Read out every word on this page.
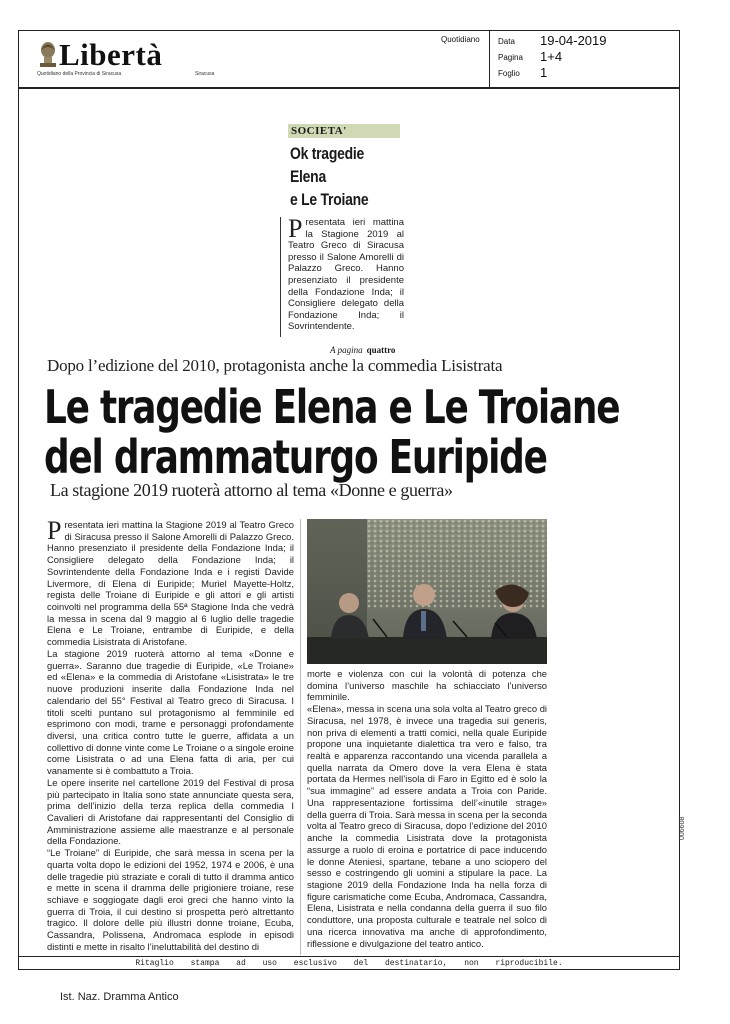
Libertà
Quotidiano della Provincia di Siracusa	Siracusa
Quotidiano Data 19-04-2019
Pagina 1+4
Foglio 1
SOCIETA'
Ok tragedie
Elena
e Le Troiane
P resentata ieri mattina la Stagione 2019 al Teatro Greco di Siracusa presso il Salone Amorelli di Palazzo Greco. Hanno presenziato il presidente della Fondazione Inda; il Consigliere delegato della Fondazione Inda; il Sovrintendente.
A pagina quattro
Dopo l’edizione del 2010, protagonista anche la commedia Lisistrata
Le tragedie Elena e Le Troiane
del drammaturgo Euripide
La stagione 2019 ruoterà attorno al tema «Donne e guerra»

Presentata ieri mattina la Stagione 2019 al Teatro Greco di Siracusa presso il Salone Amorelli di Palazzo Greco. Hanno presenziato il presidente della Fondazione Inda; il Consigliere delegato della Fondazione Inda; il Sovrintendente della Fondazione Inda e i registi Davide Livermore, di Elena di Euripide; Muriel Mayette-Holtz, regista delle Troiane di Euripide e gli attori e gli artisti coinvolti nel programma della 55ª Stagione Inda che vedrà la messa in scena dal 9 maggio al 6 luglio delle tragedie Elena e Le Troiane, entrambe di Euripide, e della commedia Lisistrata di Aristofane.

La stagione 2019 ruoterà attorno al tema «Donne e guerra». Saranno due tragedie di Euripide, «Le Troiane» ed «Elena» e la commedia di Aristofane «Lisistrata» le tre nuove produzioni inserite dalla Fondazione Inda nel calendario del 55° Festival al Teatro greco di Siracusa. I titoli scelti puntano sul protagonismo al femminile ed esprimono con modi, trame e personaggi profondamente diversi, una critica contro tutte le guerre, affidata a un collettivo di donne vinte come Le Troiane o a singole eroine come Lisistrata o ad una Elena fatta di aria, per cui vanamente si è combattuto a Troia.

Le opere inserite nel cartellone 2019 del Festival di prosa più partecipato in Italia sono state annunciate questa sera, prima dell’inizio della terza replica della commedia I Cavalieri di Aristofane dai rappresentanti del Consiglio di Amministrazione assieme alle maestranze e al personale della Fondazione.

“Le Troiane” di Euripide, che sarà messa in scena per la quarta volta dopo le edizioni del 1952, 1974 e 2006, è una delle tragedie più straziate e corali di tutto il dramma antico e mette in scena il dramma delle prigioniere troiane, rese schiave e soggiogate dagli eroi greci che hanno vinto la guerra di Troia, il cui destino si prospetta però altrettanto tragico. Il dolore delle più illustri donne troiane, Ecuba, Cassandra, Polissena, Andromaca esplode in episodi distinti e mette in risalto l’ineluttabilità del destino di

morte e violenza con cui la volontà di potenza che domina l’universo maschile ha schiacciato l’universo femminile.

«Elena», messa in scena una sola volta al Teatro greco di Siracusa, nel 1978, è invece una tragedia sui generis, non priva di elementi a tratti comici, nella quale Euripide propone una inquietante dialettica tra vero e falso, tra realtà e apparenza raccontando una vicenda parallela a quella narrata da Omero dove la vera Elena è stata portata da Hermes nell’isola di Faro in Egitto ed è solo la “sua immagine” ad essere andata a Troia con Paride. Una rappresentazione fortissima dell’«inutile strage» della guerra di Troia. Sarà messa in scena per la seconda volta al Teatro greco di Siracusa, dopo l’edizione del 2010 anche la commedia Lisistrata dove la protagonista assurge a ruolo di eroina e portatrice di pace inducendo le donne Ateniesi, spartane, tebane a uno sciopero del sesso e costringendo gli uomini a stipulare la pace. La stagione 2019 della Fondazione Inda ha nella forza di figure carismatiche come Ecuba, Andromaca, Cassandra, Elena, Lisistrata e nella condanna della guerra il suo filo conduttore, una proposta culturale e teatrale nel solco di una ricerca innovativa ma anche di approfondimento, riflessione e divulgazione del teatro antico.

Ritaglio stampa ad uso esclusivo del destinatario, non riproducibile.
006608
Ist. Naz. Dramma Antico
